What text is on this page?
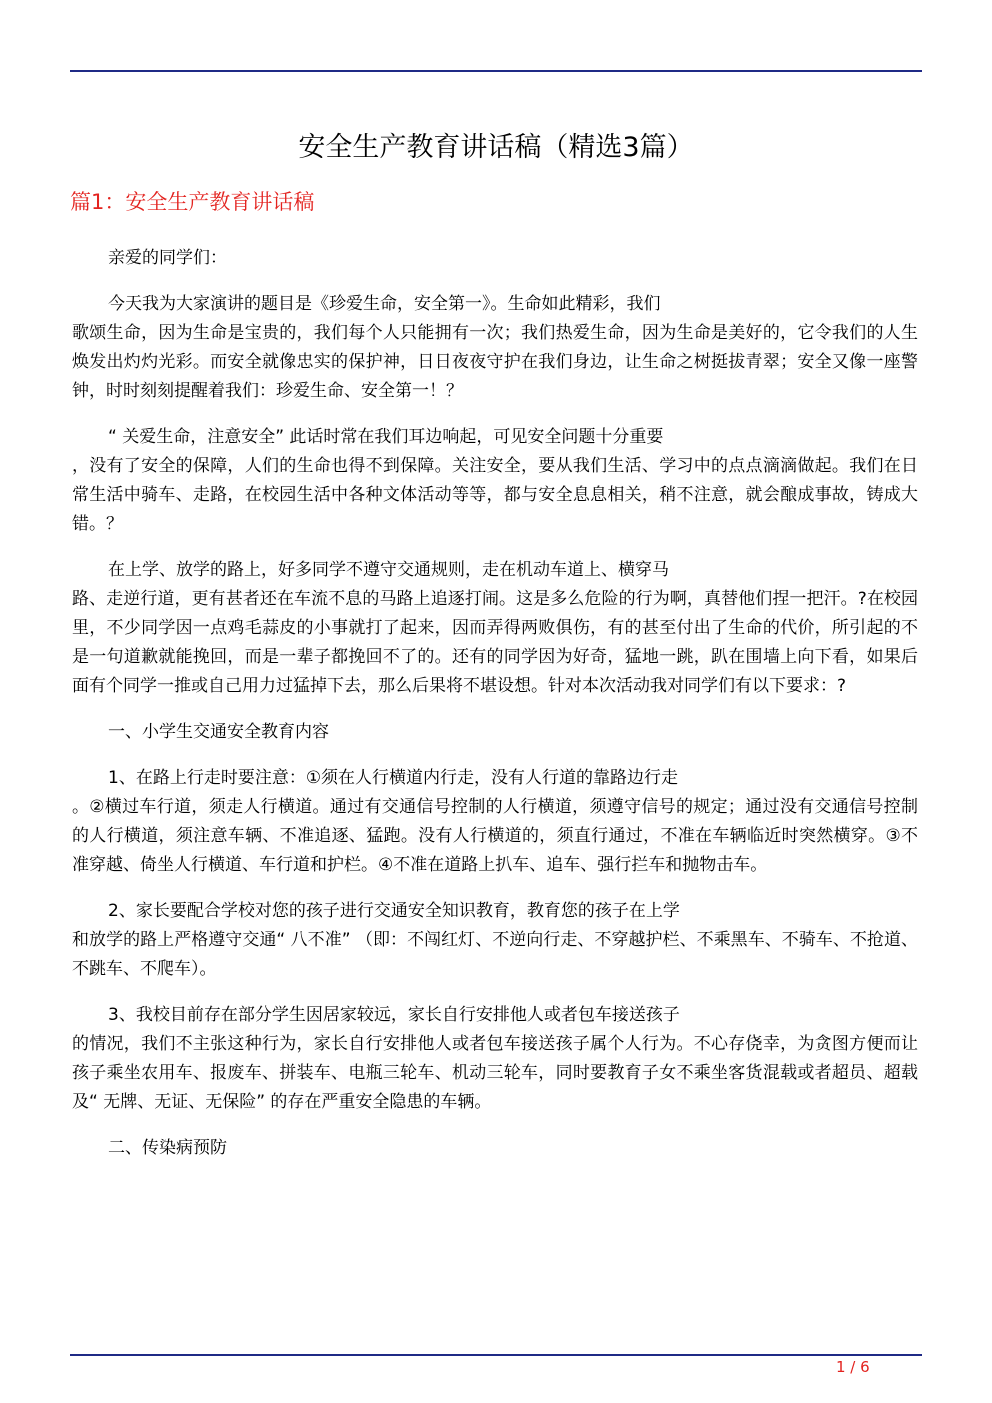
安全生产教育讲话稿（精选3篇）
篇1：安全生产教育讲话稿

亲爱的同学们：

今天我为大家演讲的题目是《珍爱生命，安全第一》。生命如此精彩，我们
歌颂生命，因为生命是宝贵的，我们每个人只能拥有一次；我们热爱生命，因为生命是美好的，它令我们的人生焕发出灼灼光彩。而安全就像忠实的保护神，日日夜夜守护在我们身边，让生命之树挺拔青翠；安全又像一座警钟，时时刻刻提醒着我们：珍爱生命、安全第一！？

“ 关爱生命，注意安全” 此话时常在我们耳边响起，可见安全问题十分重要
，没有了安全的保障，人们的生命也得不到保障。关注安全，要从我们生活、学习中的点点滴滴做起。我们在日常生活中骑车、走路，在校园生活中各种文体活动等等，都与安全息息相关，稍不注意，就会酿成事故，铸成大错。？

在上学、放学的路上，好多同学不遵守交通规则，走在机动车道上、横穿马
路、走逆行道，更有甚者还在车流不息的马路上追逐打闹。这是多么危险的行为啊，真替他们捏一把汗。?在校园里，不少同学因一点鸡毛蒜皮的小事就打了起来，因而弄得两败俱伤，有的甚至付出了生命的代价，所引起的不是一句道歉就能挽回，而是一辈子都挽回不了的。还有的同学因为好奇，猛地一跳，趴在围墙上向下看，如果后面有个同学一推或自己用力过猛掉下去，那么后果将不堪设想。针对本次活动我对同学们有以下要求：?

一、小学生交通安全教育内容

1、在路上行走时要注意：①须在人行横道内行走，没有人行道的靠路边行走
。②横过车行道，须走人行横道。通过有交通信号控制的人行横道，须遵守信号的规定；通过没有交通信号控制的人行横道，须注意车辆、不准追逐、猛跑。没有人行横道的，须直行通过，不准在车辆临近时突然横穿。③不准穿越、倚坐人行横道、车行道和护栏。④不准在道路上扒车、追车、强行拦车和抛物击车。

2、家长要配合学校对您的孩子进行交通安全知识教育，教育您的孩子在上学
和放学的路上严格遵守交通“ 八不准” （即：不闯红灯、不逆向行走、不穿越护栏、不乘黑车、不骑车、不抢道、不跳车、不爬车）。

3、我校目前存在部分学生因居家较远，家长自行安排他人或者包车接送孩子
的情况，我们不主张这种行为，家长自行安排他人或者包车接送孩子属个人行为。不心存侥幸，为贪图方便而让孩子乘坐农用车、报废车、拼装车、电瓶三轮车、机动三轮车，同时要教育子女不乘坐客货混载或者超员、超载及“ 无牌、无证、无保险” 的存在严重安全隐患的车辆。

二、传染病预防

1 / 6
